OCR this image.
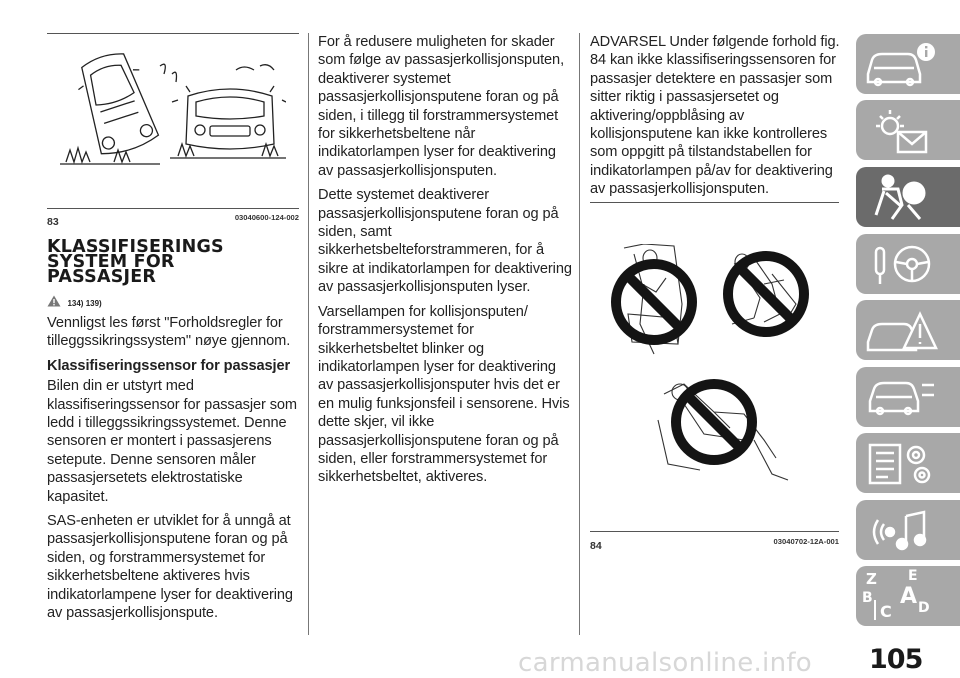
83	03040600-124-002
KLASSIFISERINGS
SYSTEM FOR
PASSASJER
134) 139)

Vennligst les først "Forholdsregler for tilleggssikringssystem" nøye gjennom.

Klassifiseringssensor for passasjer

Bilen din er utstyrt med klassifiseringssensor for passasjer som ledd i tilleggssikringssystemet. Denne sensoren er montert i passasjerens setepute. Denne sensoren måler passasjersetets elektrostatiske kapasitet.

SAS-enheten er utviklet for å unngå at passasjerkollisjonsputene foran og på siden, og forstrammersystemet for sikkerhetsbeltene aktiveres hvis indikatorlampene lyser for deaktivering av passasjerkollisjonspute.

For å redusere muligheten for skader som følge av passasjerkollisjonsputen, deaktiverer systemet passasjerkollisjonsputene foran og på siden, i tillegg til forstrammersystemet for sikkerhetsbeltene når indikatorlampen lyser for deaktivering av passasjerkollisjonsputen.

Dette systemet deaktiverer passasjerkollisjonsputene foran og på siden, samt sikkerhetsbelteforstrammeren, for å sikre at indikatorlampen for deaktivering av passasjerkollisjonsputen lyser.

Varsellampen for kollisjonsputen/ forstrammersystemet for sikkerhetsbeltet blinker og indikatorlampen lyser for deaktivering av passasjerkollisjonsputer hvis det er en mulig funksjonsfeil i sensorene. Hvis dette skjer, vil ikke passasjerkollisjonsputene foran og på siden, eller forstrammersystemet for sikkerhetsbeltet, aktiveres.

ADVARSEL Under følgende forhold fig. 84 kan ikke klassifiseringssensoren for passasjer detektere en passasjer som sitter riktig i passasjersetet og aktivering/oppblåsing av kollisjonsputene kan ikke kontrolleres som oppgitt på tilstandstabellen for indikatorlampen på/av for deaktivering av passasjerkollisjonsputen.

84	03040702-12A-001
Z E
B A
C D
105
carmanualsonline.info
